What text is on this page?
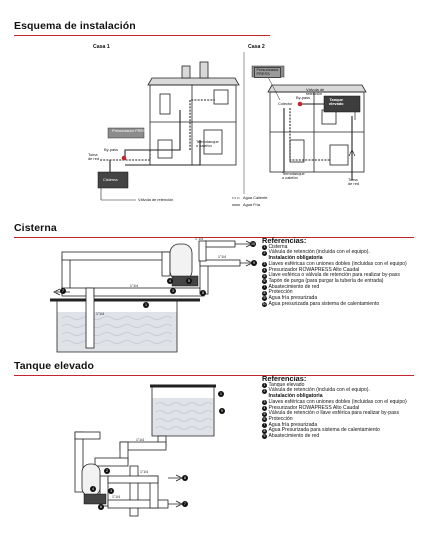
Esquema de instalación
Casa 1	Casa 2
Presurizador PRESS
Termotanque
o calefón
By-pass
Toma
de red
Cisterna
Válvula de retención
Presurizador
PRESS
Válvula de
retención
By-pass	Tanque
elevado
Colector
Termotanque
o calefón	Toma
de red
Agua Caliente
Agua Fría
Cisterna
7
1
4	5
3	8
10
9
1"1/4
1"1/4
1"1/4
1"1/4
Referencias:
1 Cisterna
2 Válvula de retención (incluida con el equipo).
Instalación obligatoria
3 Llaves esféricas con uniones dobles (incluidas con el equipo)
4 Presurizador ROWAPRESS Alto Caudal
5 Llave esférica o válvula de retención para realizar by-pass
6 Tapón de purga (para purgar la tubería de entrada)
7 Abastecimiento de red
8 Protección
9 Agua fría presurizada
10 Agua presurizada para sistema de calentamiento
Tanque elevado
1
9
2
4	3
6
8
7
1"1/4
1"1/4
1"1/4
Referencias:
1 Tanque elevado
2 Válvula de retención (incluida con el equipo).
Instalación obligatoria
3 Llaves esféricas con uniones dobles (incluidas con el equipo)
4 Presurizador ROWAPRESS Alto Caudal
5 Válvula de retención o llave esférica para realizar by-pass
6 Protección
7 Agua fría presurizada
8 Agua Presurizada para sistema de calentamiento
9 Abastecimiento de red
